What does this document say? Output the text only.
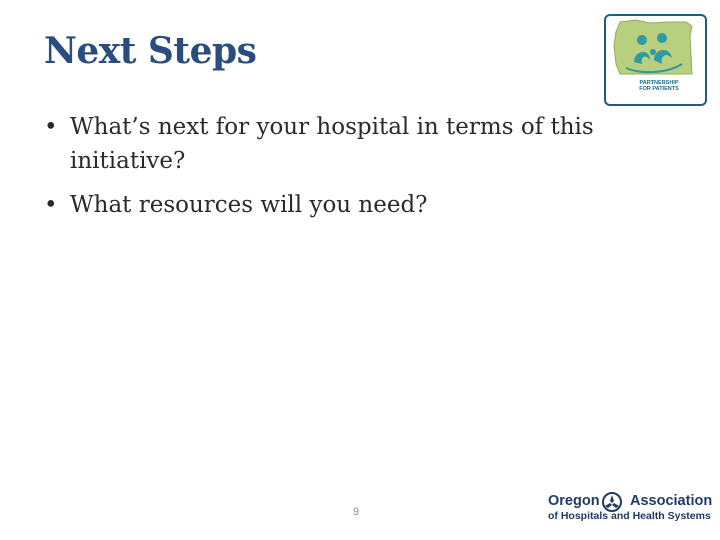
Next Steps
• What’s next for your hospital in terms of this initiative?
• What resources will you need?
PARTNERSHIP
FOR PATIENTS
9
Oregon Association
of Hospitals and Health Systems
